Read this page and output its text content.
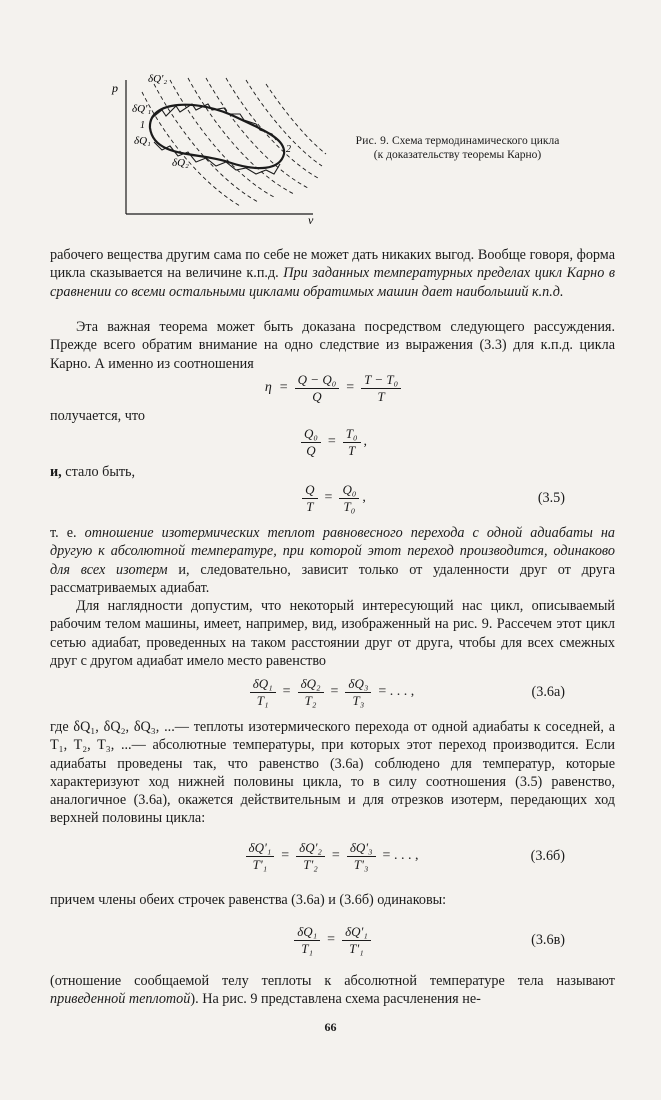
p
v
δQ'₂
δQ'₁
1
δQ₁
δQ₂
2
Рис. 9. Схема термодинамического цикла (к доказательству теоремы Карно)

рабочего вещества другим сама по себе не может дать никаких выгод. Вообще говоря, форма цикла сказывается на величине к.п.д. При заданных температурных пределах цикл Карно в сравнении со всеми остальными циклами обратимых машин дает наибольший к.п.д.

Эта важная теорема может быть доказана посредством следующего рассуждения. Прежде всего обратим внимание на одно следствие из выражения (3.3) для к.п.д. цикла Карно. А именно из соотношения

$\eta = \frac{\text{Q − Q₀}}{Q} = \frac{\text{T − T₀}}{T}$
получается, что
$\frac{\text{Q₀}}{Q} = \frac{\text{T₀}}{T}$ ,
и, стало быть,
$\frac{Q}{T} = \frac{\text{Q₀}}{\text{T₀}}$ ,	(3.5)

т. е. отношение изотермических теплот равновесного перехода с одной адиабаты на другую к абсолютной температуре, при которой этот переход производится, одинаково для всех изотерм и, следовательно, зависит только от удаленности друг от друга рассматриваемых адиабат.

Для наглядности допустим, что некоторый интересующий нас цикл, описываемый рабочим телом машины, имеет, например, вид, изображенный на рис. 9. Рассечем этот цикл сетью адиабат, проведенных на таком расстоянии друг от друга, чтобы для всех смежных друг с другом адиабат имело место равенство

$\frac{\text{δQ₁}}{\text{T₁}} = \frac{\text{δQ₂}}{\text{T₂}} = \frac{\text{δQ₃}}{\text{T₃}}$ = . . . ,	(3.6а)

где δQ₁, δQ₂, δQ₃, ...— теплоты изотермического перехода от одной адиабаты к соседней, а T₁, T₂, T₃, ...— абсолютные температуры, при которых этот переход производится. Если адиабаты проведены так, что равенство (3.6а) соблюдено для температур, которые характеризуют ход нижней половины цикла, то в силу соотношения (3.5) равенство, аналогичное (3.6а), окажется действительным и для отрезков изотерм, передающих ход верхней половины цикла:

$\frac{\text{δQ'₁}}{\text{T'₁}} = \frac{\text{δQ'₂}}{\text{T'₂}} = \frac{\text{δQ'₃}}{\text{T'₃}}$ = . . . ,	(3.6б)
причем члены обеих строчек равенства (3.6а) и (3.6б) одинаковы:
$\frac{\text{δQ₁}}{\text{T₁}} = \frac{\text{δQ'₁}}{\text{T'₁}}$	(3.6в)

(отношение сообщаемой телу теплоты к абсолютной температуре тела называют приведенной теплотой). На рис. 9 представлена схема расчленения не-

66
